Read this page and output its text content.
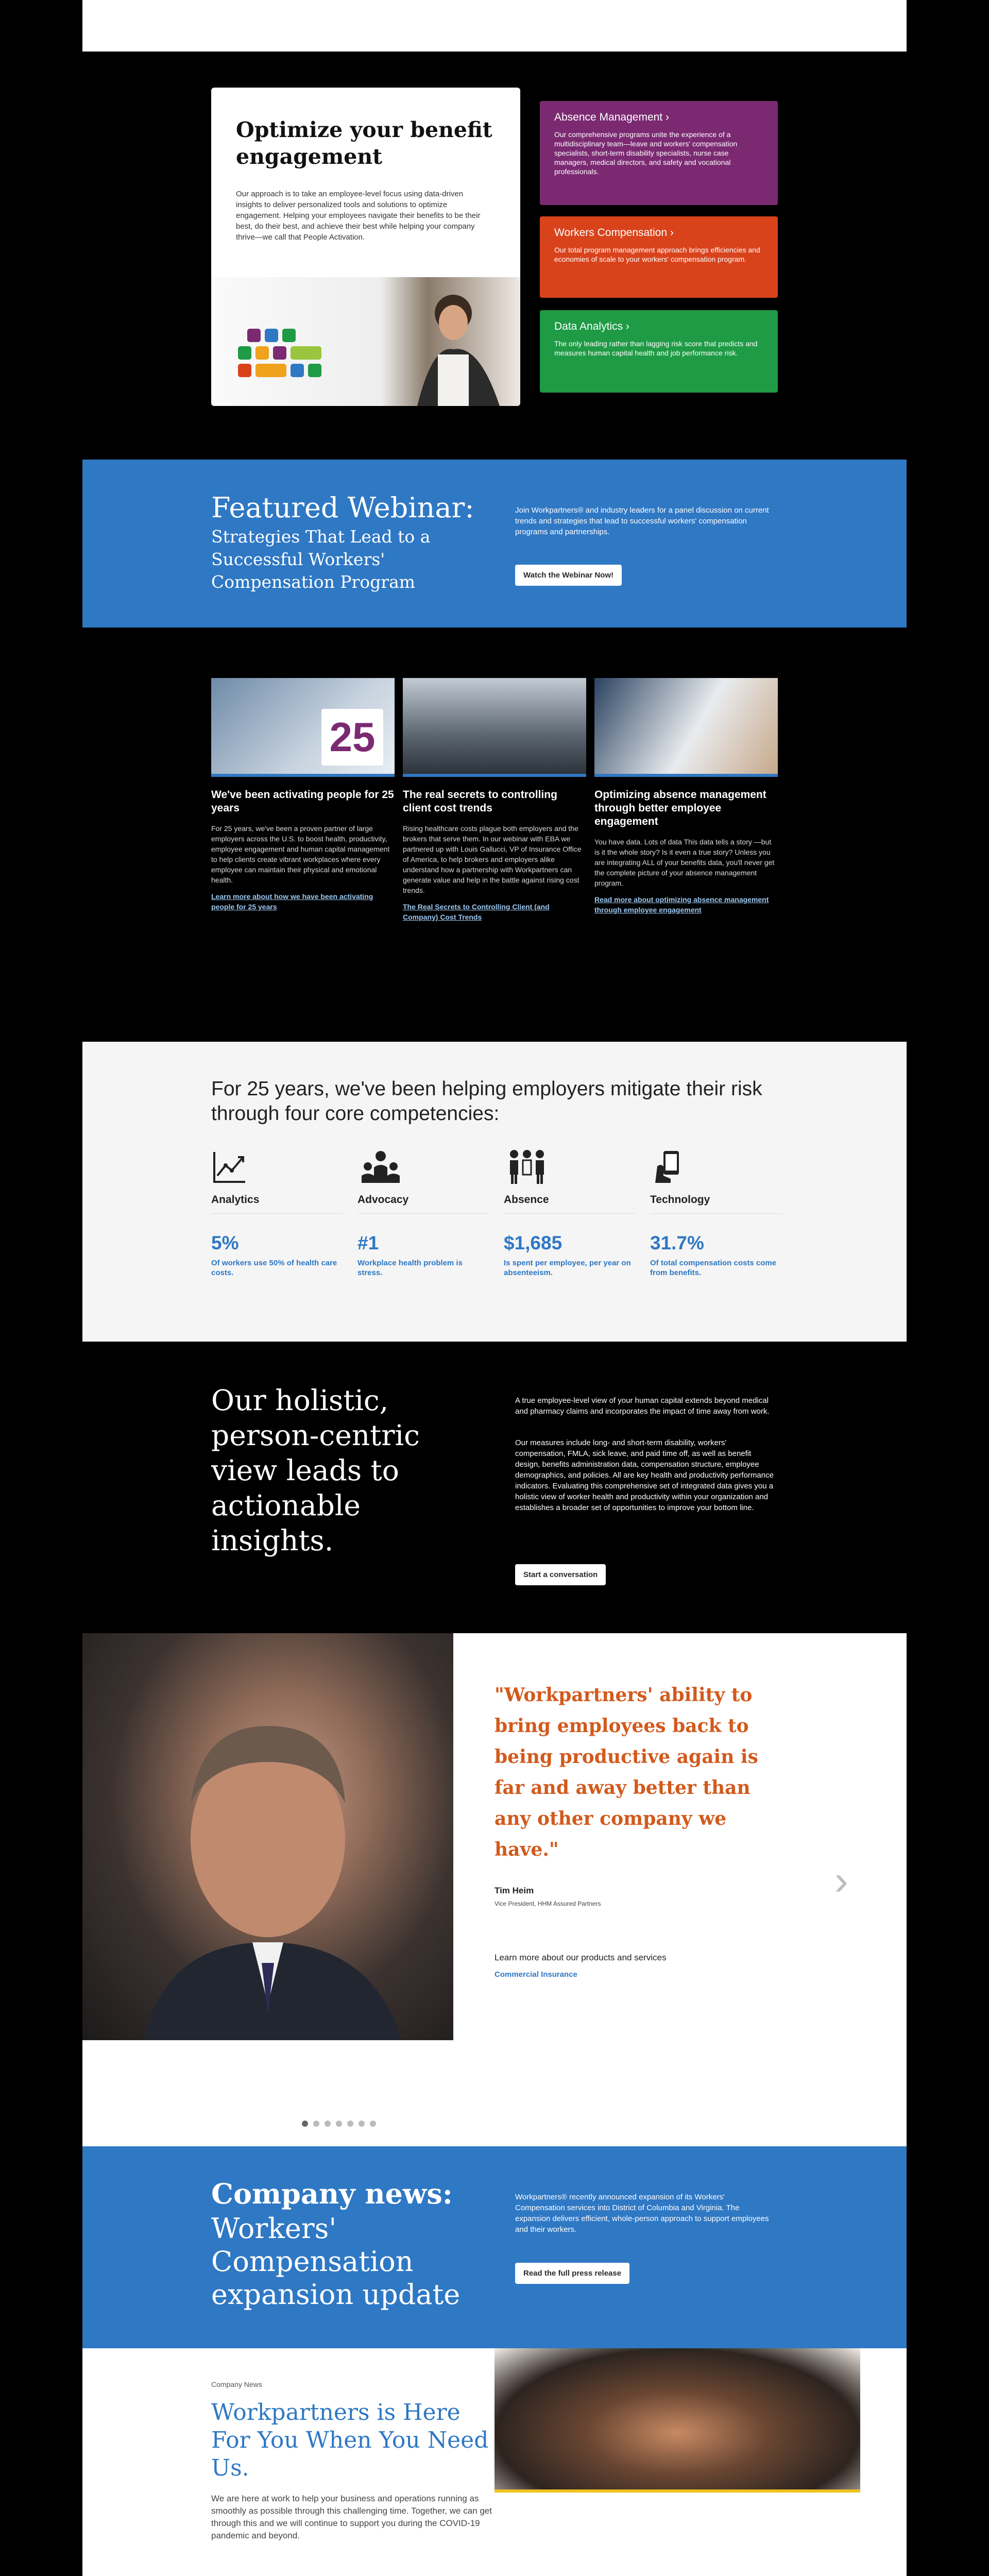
Optimize your benefit engagement

Our approach is to take an employee-level focus using data-driven insights to deliver personalized tools and solutions to optimize engagement. Helping your employees navigate their benefits to be their best, do their best, and achieve their best while helping your company thrive—we call that People Activation.

Absence Management ›

Our comprehensive programs unite the experience of a multidisciplinary team—leave and workers' compensation specialists, short-term disability specialists, nurse case managers, medical directors, and safety and vocational professionals.

Workers Compensation ›

Our total program management approach brings efficiencies and economies of scale to your workers' compensation program.

Data Analytics ›

The only leading rather than lagging risk score that predicts and measures human capital health and job performance risk.

Featured Webinar:

Strategies That Lead to a Successful Workers' Compensation Program

Join Workpartners® and industry leaders for a panel discussion on current trends and strategies that lead to successful workers' compensation programs and partnerships.

Watch the Webinar Now!
25
We've been activating people for 25 years

For 25 years, we've been a proven partner of large employers across the U.S. to boost health, productivity, employee engagement and human capital management to help clients create vibrant workplaces where every employee can maintain their physical and emotional health.

Learn more about how we have been activating people for 25 years
The real secrets to controlling client cost trends

Rising healthcare costs plague both employers and the brokers that serve them. In our webinar with EBA we partnered up with Louis Gallucci, VP of Insurance Office of America, to help brokers and employers alike understand how a partnership with Workpartners can generate value and help in the battle against rising cost trends.

The Real Secrets to Controlling Client (and Company) Cost Trends
Optimizing absence management through better employee engagement

You have data. Lots of data This data tells a story —but is it the whole story? Is it even a true story? Unless you are integrating ALL of your benefits data, you'll never get the complete picture of your absence management program.

Read more about optimizing absence management through employee engagement
For 25 years, we've been helping employers mitigate their risk through four core competencies:
Analytics
5%
Of workers use 50% of health care costs.
Advocacy
#1
Workplace health problem is stress.
Absence
$1,685
Is spent per employee, per year on absenteeism.
Technology
31.7%
Of total compensation costs come from benefits.
Our holistic, person-centric view leads to actionable insights.

A true employee-level view of your human capital extends beyond medical and pharmacy claims and incorporates the impact of time away from work.

Our measures include long- and short-term disability, workers' compensation, FMLA, sick leave, and paid time off, as well as benefit design, benefits administration data, compensation structure, employee demographics, and policies. All are key health and productivity performance indicators. Evaluating this comprehensive set of integrated data gives you a holistic view of worker health and productivity within your organization and establishes a broader set of opportunities to improve your bottom line.

Start a conversation

"Workpartners' ability to bring employees back to being productive again is far and away better than any other company we have."

Tim Heim
Vice President, HHM Assured Partners
Learn more about our products and services
Commercial Insurance
›
Company news:

Workers' Compensation expansion update

Workpartners® recently announced expansion of its Workers' Compensation services into District of Columbia and Virginia. The expansion delivers efficient, whole-person approach to support employees and their workers.

Read the full press release
Company News
Workpartners is Here For You When You Need Us.

We are here at work to help your business and operations running as smoothly as possible through this challenging time. Together, we can get through this and we will continue to support you during the COVID-19 pandemic and beyond.
